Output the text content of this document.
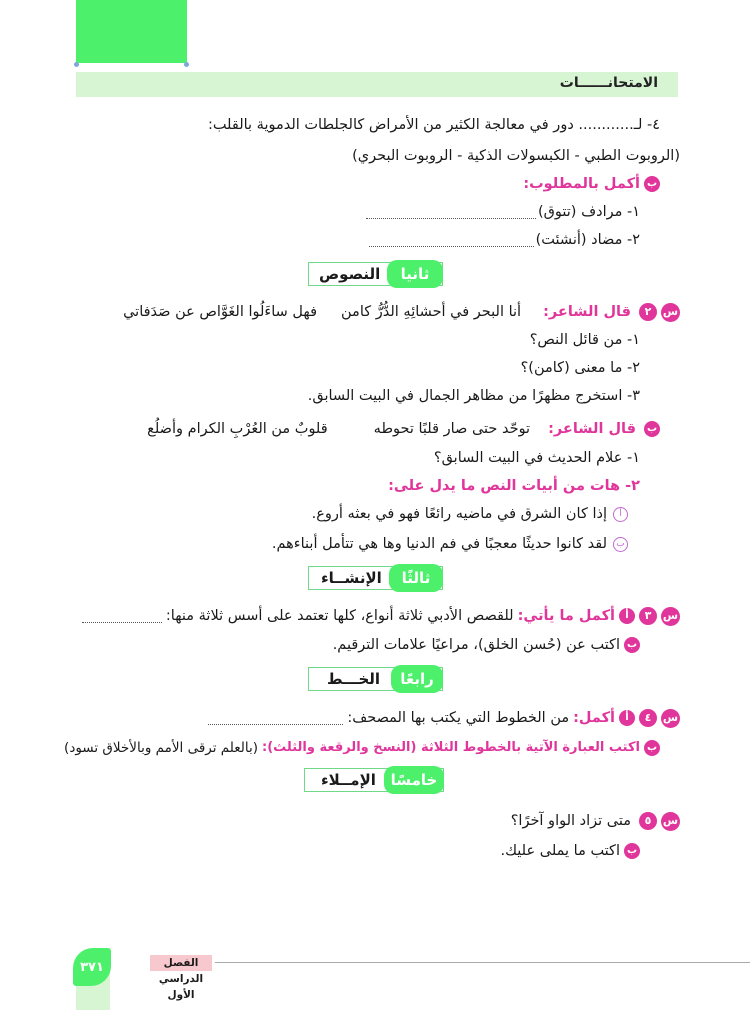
الامتحانــــــات
٤- لـ............ دور في معالجة الكثير من الأمراض كالجلطات الدموية بالقلب:
(الروبوت الطبي - الكبسولات الذكية - الروبوت البحري)
ب
أكمل بالمطلوب:
١- مرادف (تتوق)
٢- مضاد (أنشئت)
النصوص	ثانيا
س
٢
قال الشاعر:
أنا البحر في أحشائِهِ الدُّرُّ كامن
فهل ساءَلُوا الغَوَّاص عن صَدَفاتي
١- من قائل النص؟
٢- ما معنى (كامن)؟
٣- استخرج مظهرًا من مظاهر الجمال في البيت السابق.
ب
قال الشاعر:
توحّد حتى صار قلبًا تحوطه
قلوبٌ من العُرْبِ الكرام وأضلُع
١- علام الحديث في البيت السابق؟
٢- هات من أبيات النص ما يدل على:
أ
إذا كان الشرق في ماضيه رائعًا فهو في بعثه أروع.
ب
لقد كانوا حديثًا معجبًا في فم الدنيا وها هي تتأمل أبناءهم.
الإنشــاء	ثالثًا
س
٣
أ
أكمل ما يأتي:
للقصص الأدبي ثلاثة أنواع، كلها تعتمد على أسس ثلاثة منها:
ب
اكتب عن (حُسن الخلق)، مراعيًا علامات الترقيم.
الخـــط	رابعًا
س
٤
أ
أكمل:
من الخطوط التي يكتب بها المصحف:
ب
اكتب العبارة الآتية بالخطوط الثلاثة (النسخ والرقعة والثلث):
(بالعلم ترقى الأمم وبالأخلاق تسود)
الإمــلاء خامسًا
س
٥
متى تزاد الواو آخرًا؟
ب
اكتب ما يملى عليك.
الفصل الدراسي الأول
٣٧١
